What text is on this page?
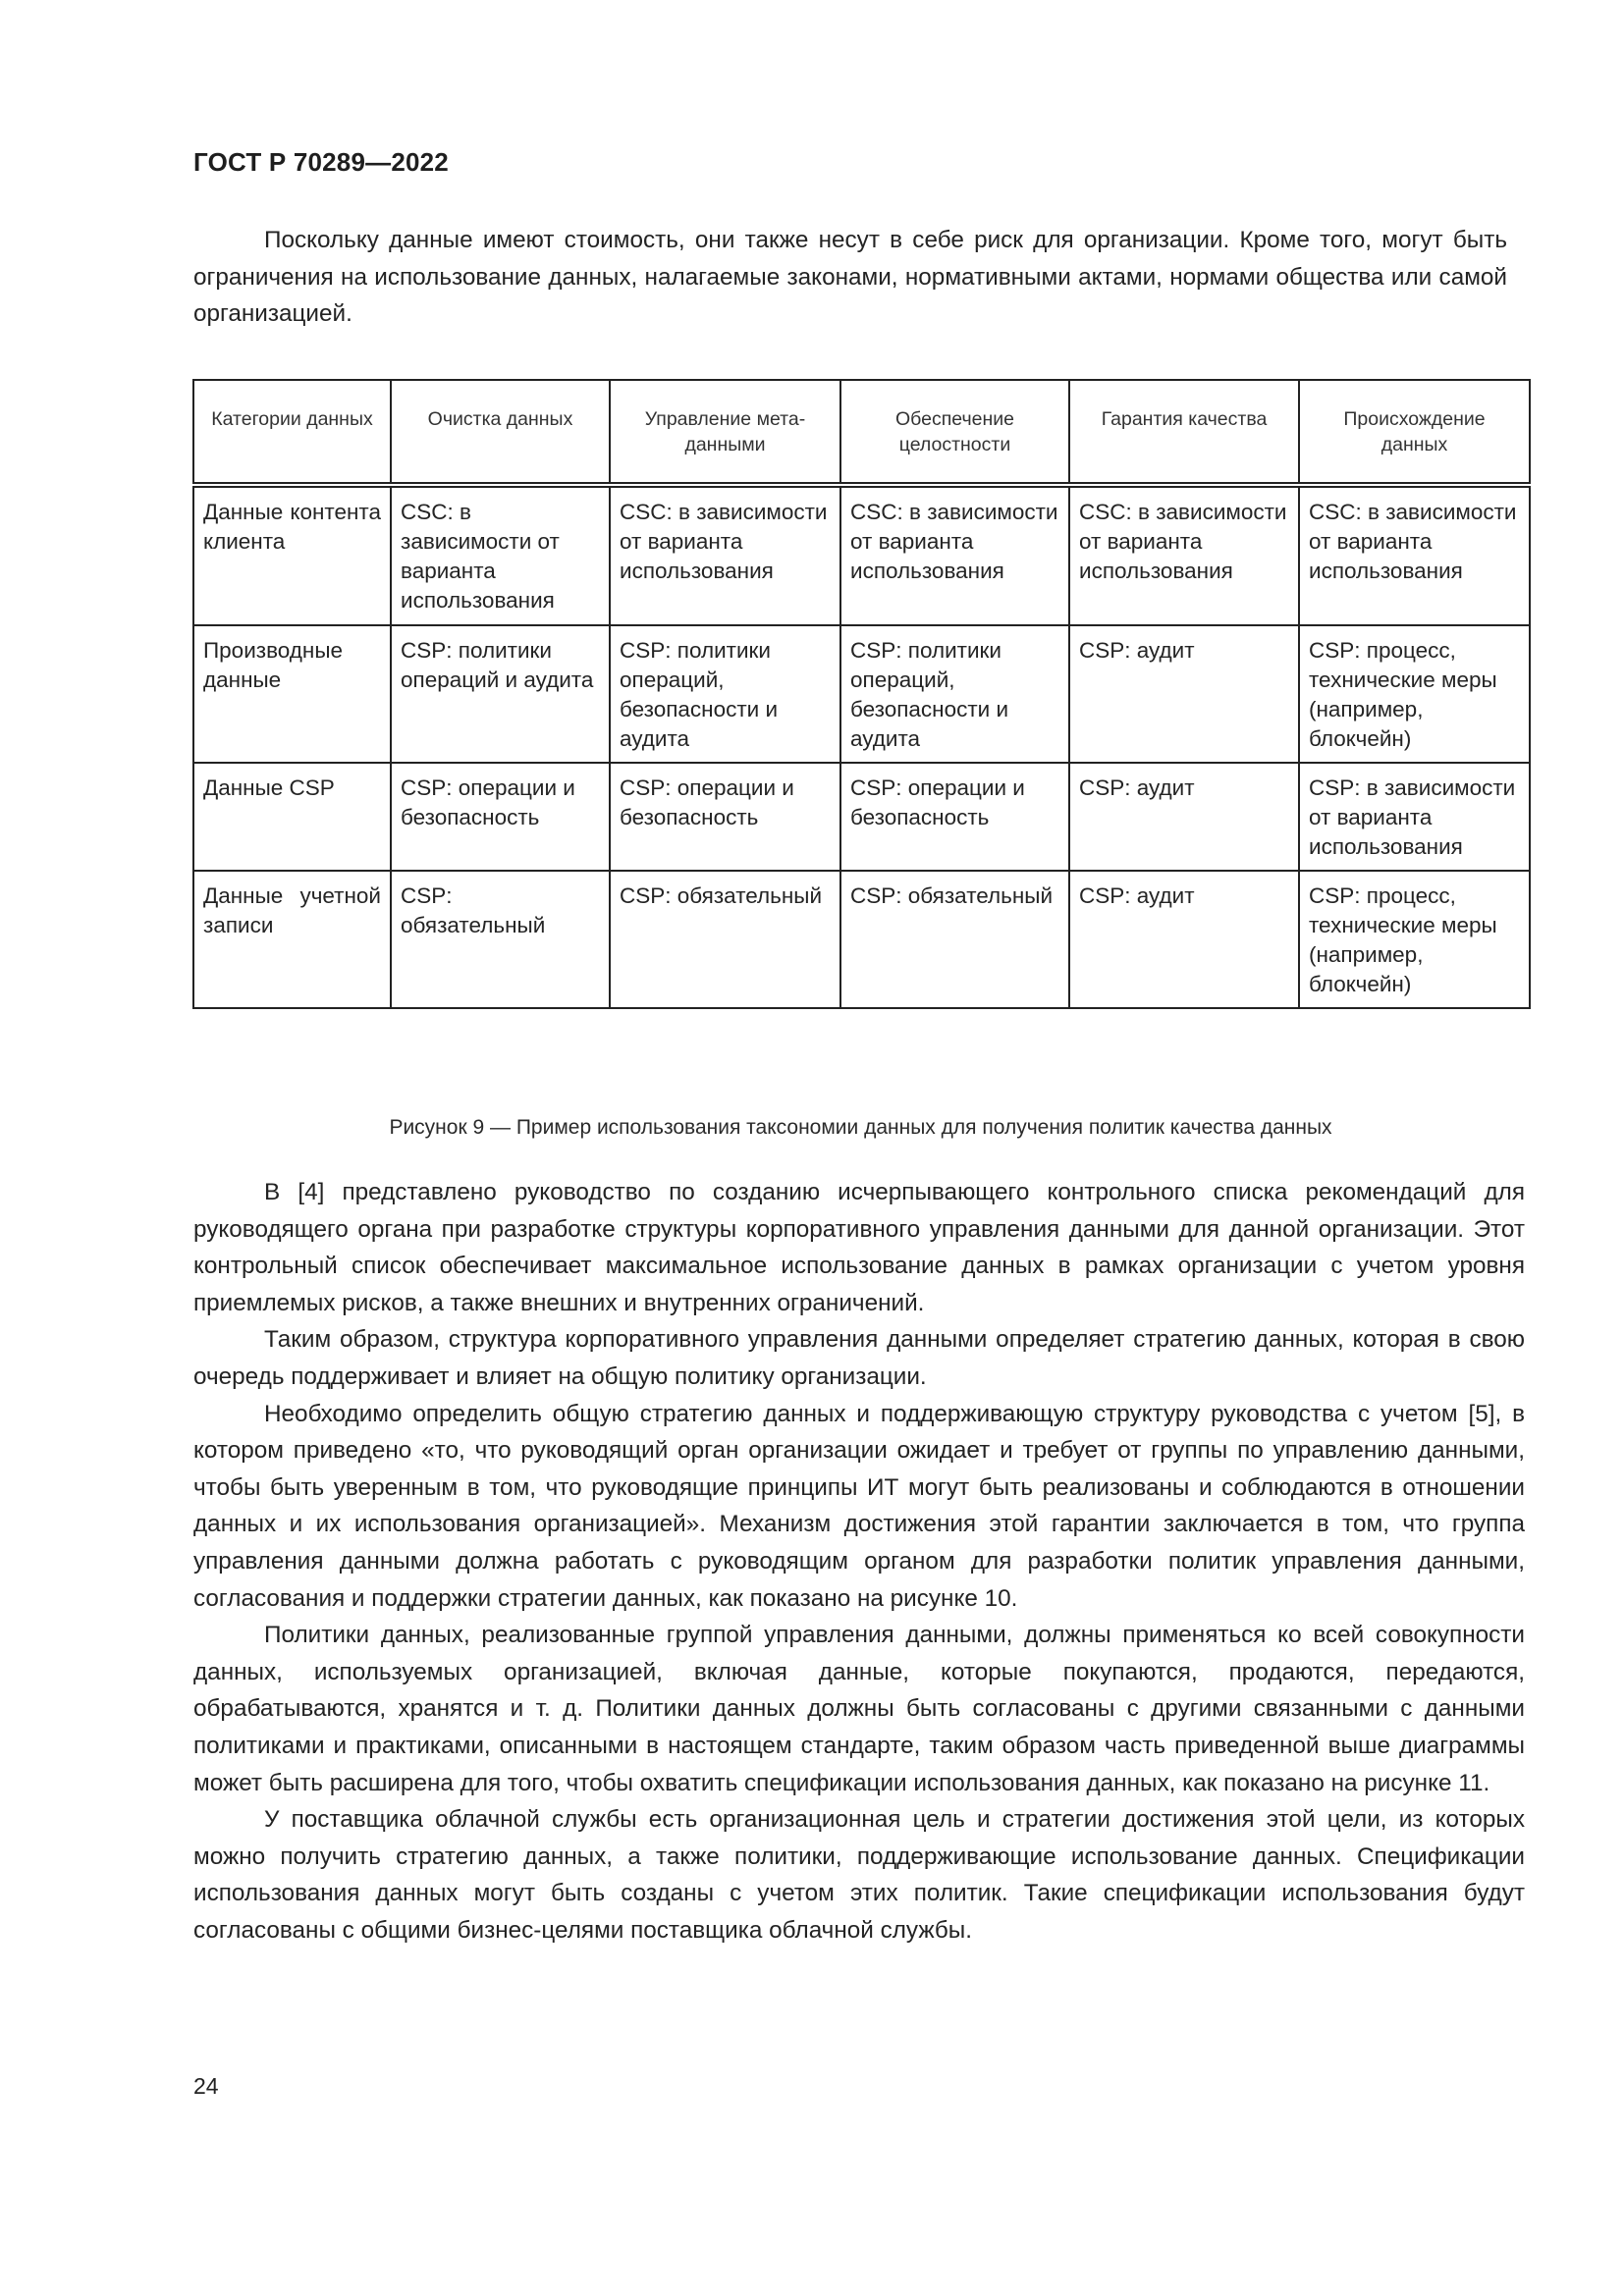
ГОСТ Р 70289—2022

Поскольку данные имеют стоимость, они также несут в себе риск для организации. Кроме того, могут быть ограничения на использование данных, налагаемые законами, нормативными актами, нормами общества или самой организацией.

Категории данных	Очистка данных	Управление мета-данными	Обеспечение целостности	Гарантия качества	Происхождение данных
Данные контента клиента	CSC: в зависимости от варианта использования	CSC: в зависимости от варианта использования	CSC: в зависимости от варианта использования	CSC: в зависимости от варианта использования	CSC: в зависимости от варианта использования
Производные данные	CSP: политики операций и аудита	CSP: политики операций, безопасности и аудита	CSP: политики операций, безопасности и аудита	CSP: аудит	CSP: процесс, технические меры (например, блокчейн)
Данные CSP	CSP: операции и безопасность	CSP: операции и безопасность	CSP: операции и безопасность	CSP: аудит	CSP: в зависимости от варианта использования
Данные учетной записи	CSP: обязательный	CSP: обязательный	CSP: обязательный	CSP: аудит	CSP: процесс, технические меры (например, блокчейн)
Рисунок 9 — Пример использования таксономии данных для получения политик качества данных

В [4] представлено руководство по созданию исчерпывающего контрольного списка рекомендаций для руководящего органа при разработке структуры корпоративного управления данными для данной организации. Этот контрольный список обеспечивает максимальное использование данных в рамках организации с учетом уровня приемлемых рисков, а также внешних и внутренних ограничений.

Таким образом, структура корпоративного управления данными определяет стратегию данных, которая в свою очередь поддерживает и влияет на общую политику организации.

Необходимо определить общую стратегию данных и поддерживающую структуру руководства с учетом [5], в котором приведено «то, что руководящий орган организации ожидает и требует от группы по управлению данными, чтобы быть уверенным в том, что руководящие принципы ИТ могут быть реализованы и соблюдаются в отношении данных и их использования организацией». Механизм достижения этой гарантии заключается в том, что группа управления данными должна работать с руководящим органом для разработки политик управления данными, согласования и поддержки стратегии данных, как показано на рисунке 10.

Политики данных, реализованные группой управления данными, должны применяться ко всей совокупности данных, используемых организацией, включая данные, которые покупаются, продаются, передаются, обрабатываются, хранятся и т. д. Политики данных должны быть согласованы с другими связанными с данными политиками и практиками, описанными в настоящем стандарте, таким образом часть приведенной выше диаграммы может быть расширена для того, чтобы охватить спецификации использования данных, как показано на рисунке 11.

У поставщика облачной службы есть организационная цель и стратегии достижения этой цели, из которых можно получить стратегию данных, а также политики, поддерживающие использование данных. Спецификации использования данных могут быть созданы с учетом этих политик. Такие спецификации использования будут согласованы с общими бизнес-целями поставщика облачной службы.

24
